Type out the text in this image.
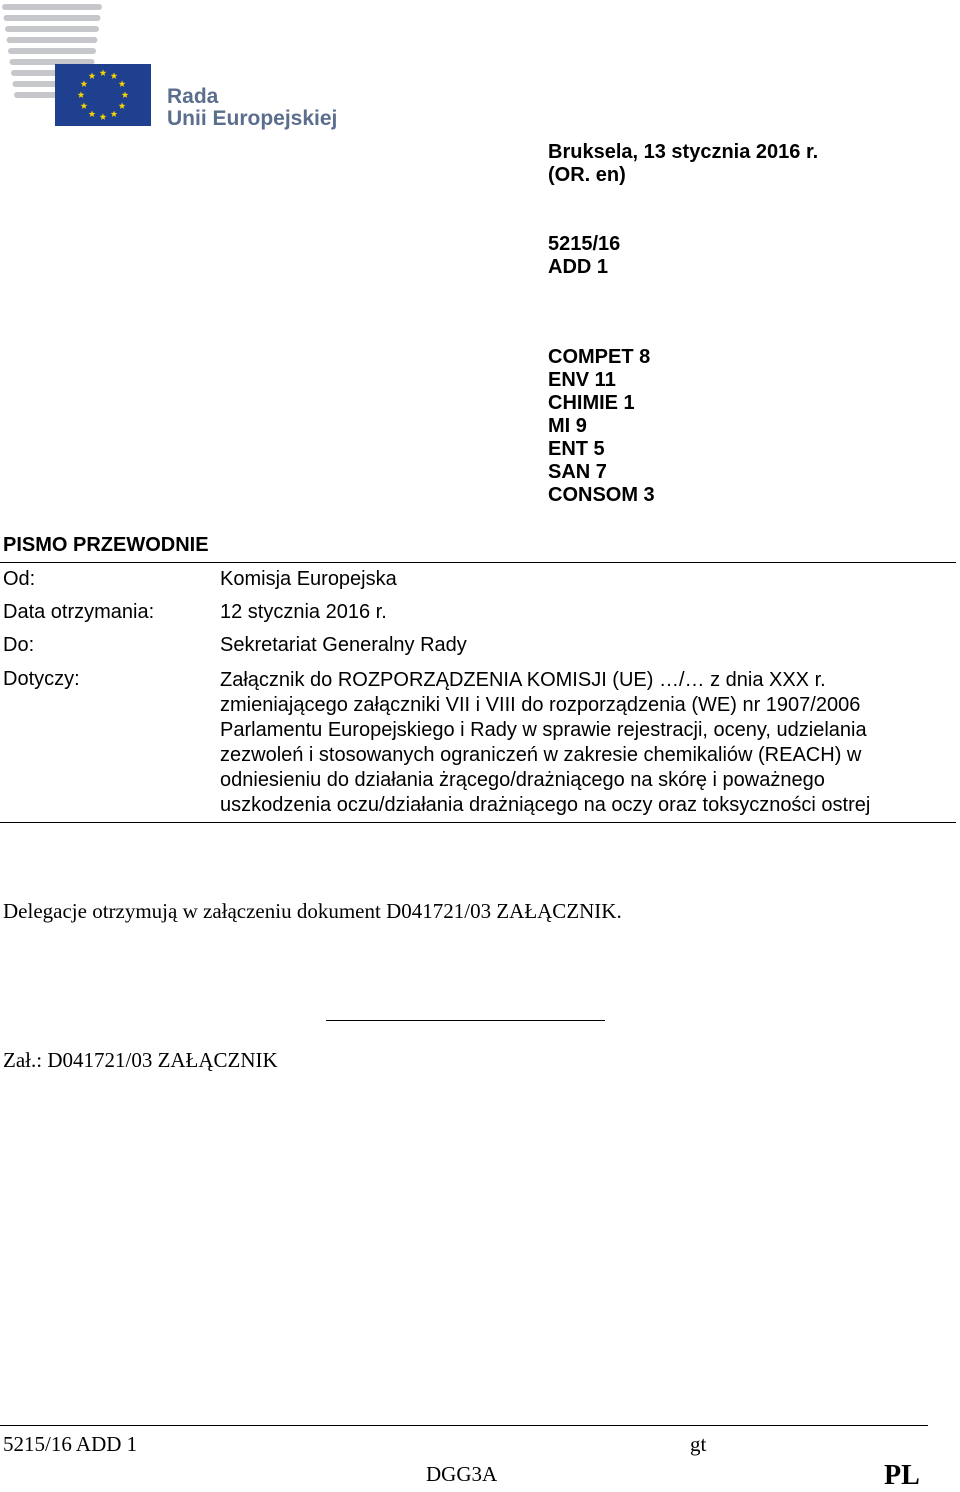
Rada
Unii Europejskiej
Bruksela, 13 stycznia 2016 r.
(OR. en)
5215/16
ADD 1
COMPET 8
ENV 11
CHIMIE 1
MI 9
ENT 5
SAN 7
CONSOM 3
PISMO PRZEWODNIE
Od:	Komisja Europejska
Data otrzymania:	12 stycznia 2016 r.
Do:	Sekretariat Generalny Rady
Dotyczy:	Załącznik do ROZPORZĄDZENIA KOMISJI (UE) …/… z dnia XXX r.
zmieniającego załączniki VII i VIII do rozporządzenia (WE) nr 1907/2006
Parlamentu Europejskiego i Rady w sprawie rejestracji, oceny, udzielania
zezwoleń i stosowanych ograniczeń w zakresie chemikaliów (REACH) w
odniesieniu do działania żrącego/drażniącego na skórę i poważnego
uszkodzenia oczu/działania drażniącego na oczy oraz toksyczności ostrej
Delegacje otrzymują w załączeniu dokument D041721/03 ZAŁĄCZNIK.
Zał.: D041721/03 ZAŁĄCZNIK
5215/16 ADD 1	gt
DGG3A	PL
